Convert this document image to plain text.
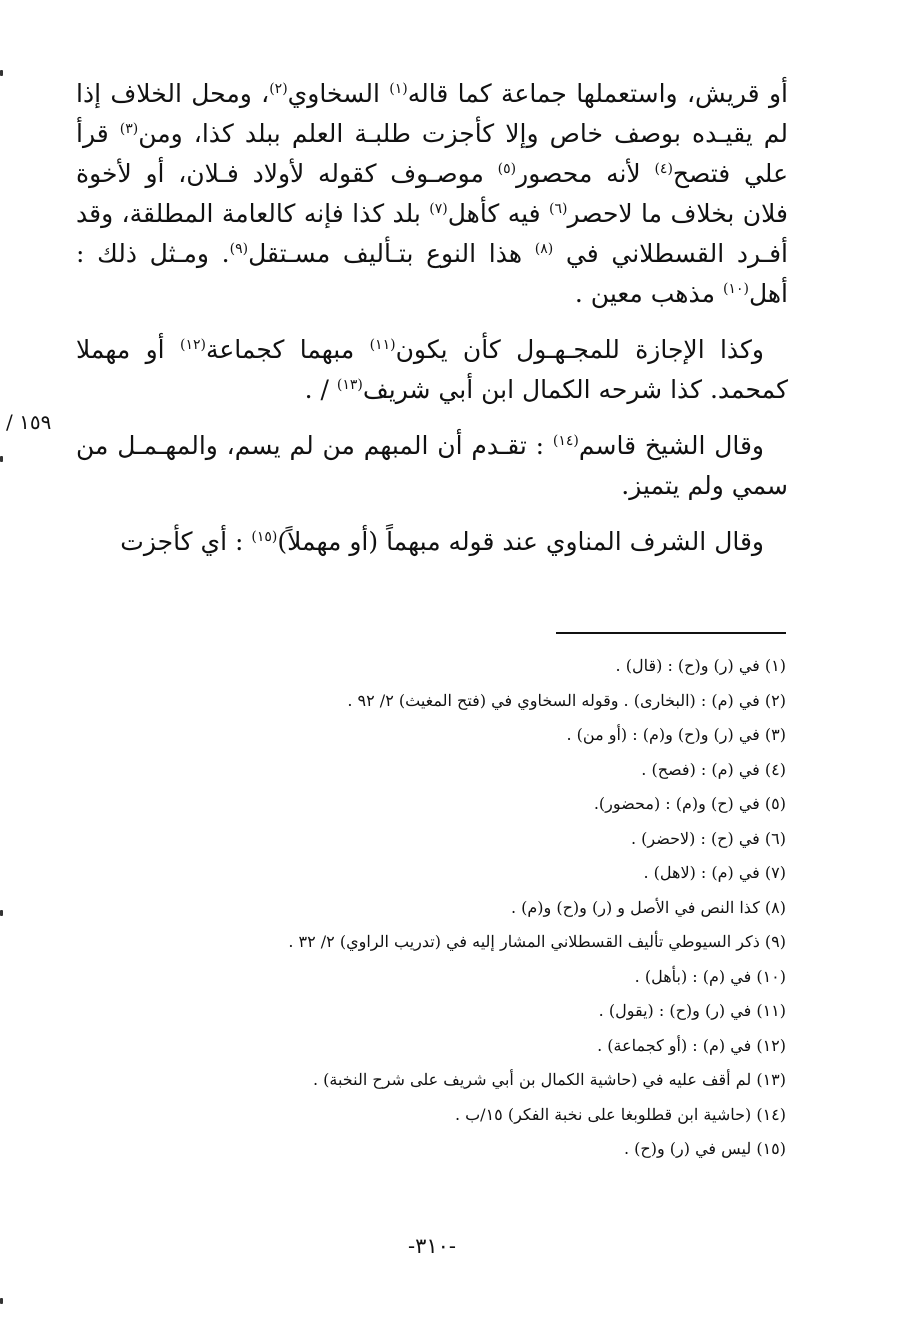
١٥٩ /

أو قريش، واستعملها جماعة كما قاله$^{(١)}$ السخاوي$^{(٢)}$، ومحل الخلاف إذا لم يقيـده بوصف خاص وإلا كأجزت طلبـة العلم ببلد كذا، ومن$^{(٣)}$ قرأ علي فتصح$^{(٤)}$ لأنه محصور$^{(٥)}$ موصـوف كقوله لأولاد فـلان، أو لأخوة فلان بخلاف ما لاحصر$^{(٦)}$ فيه كأهل$^{(٧)}$ بلد كذا فإنه كالعامة المطلقة، وقد أفـرد القسطلاني في $^{(٨)}$ هذا النوع بتـأليف مسـتقل$^{(٩)}$. ومـثل ذلك : أهل$^{(١٠)}$ مذهب معين .

وكذا الإجازة للمجـهـول كأن يكون$^{(١١)}$ مبهما كجماعة$^{(١٢)}$ أو مهملا كمحمد. كذا شرحه الكمال ابن أبي شريف$^{(١٣)}$ / .

وقال الشيخ قاسم$^{(١٤)}$ : تقـدم أن المبهم من لم يسم، والمهـمـل من سمي ولم يتميز.

وقال الشرف المناوي عند قوله مبهماً (أو مهملاً)$^{(١٥)}$ : أي كأجزت

(١) في (ر) و(ح) : (قال) .
(٢) في (م) : (البخارى) . وقوله السخاوي في (فتح المغيث) ٢/ ٩٢ .
(٣) في (ر) و(ح) و(م) : (أو من) .
(٤) في (م) : (فصح) .
(٥) في (ح) و(م) : (محضور).
(٦) في (ح) : (لاحضر) .
(٧) في (م) : (لاهل) .
(٨) كذا النص في الأصل و (ر) و(ح) و(م) .
(٩) ذكر السيوطي تأليف القسطلاني المشار إليه في (تدريب الراوي) ٢/ ٣٢ .
(١٠) في (م) : (بأهل) .
(١١) في (ر) و(ح) : (يقول) .
(١٢) في (م) : (أو كجماعة) .
(١٣) لم أقف عليه في (حاشية الكمال بن أبي شريف على شرح النخبة) .
(١٤) (حاشية ابن قطلوبغا على نخبة الفكر) ١٥/ب .
(١٥) ليس في (ر) و(ح) .
-٣١٠-
